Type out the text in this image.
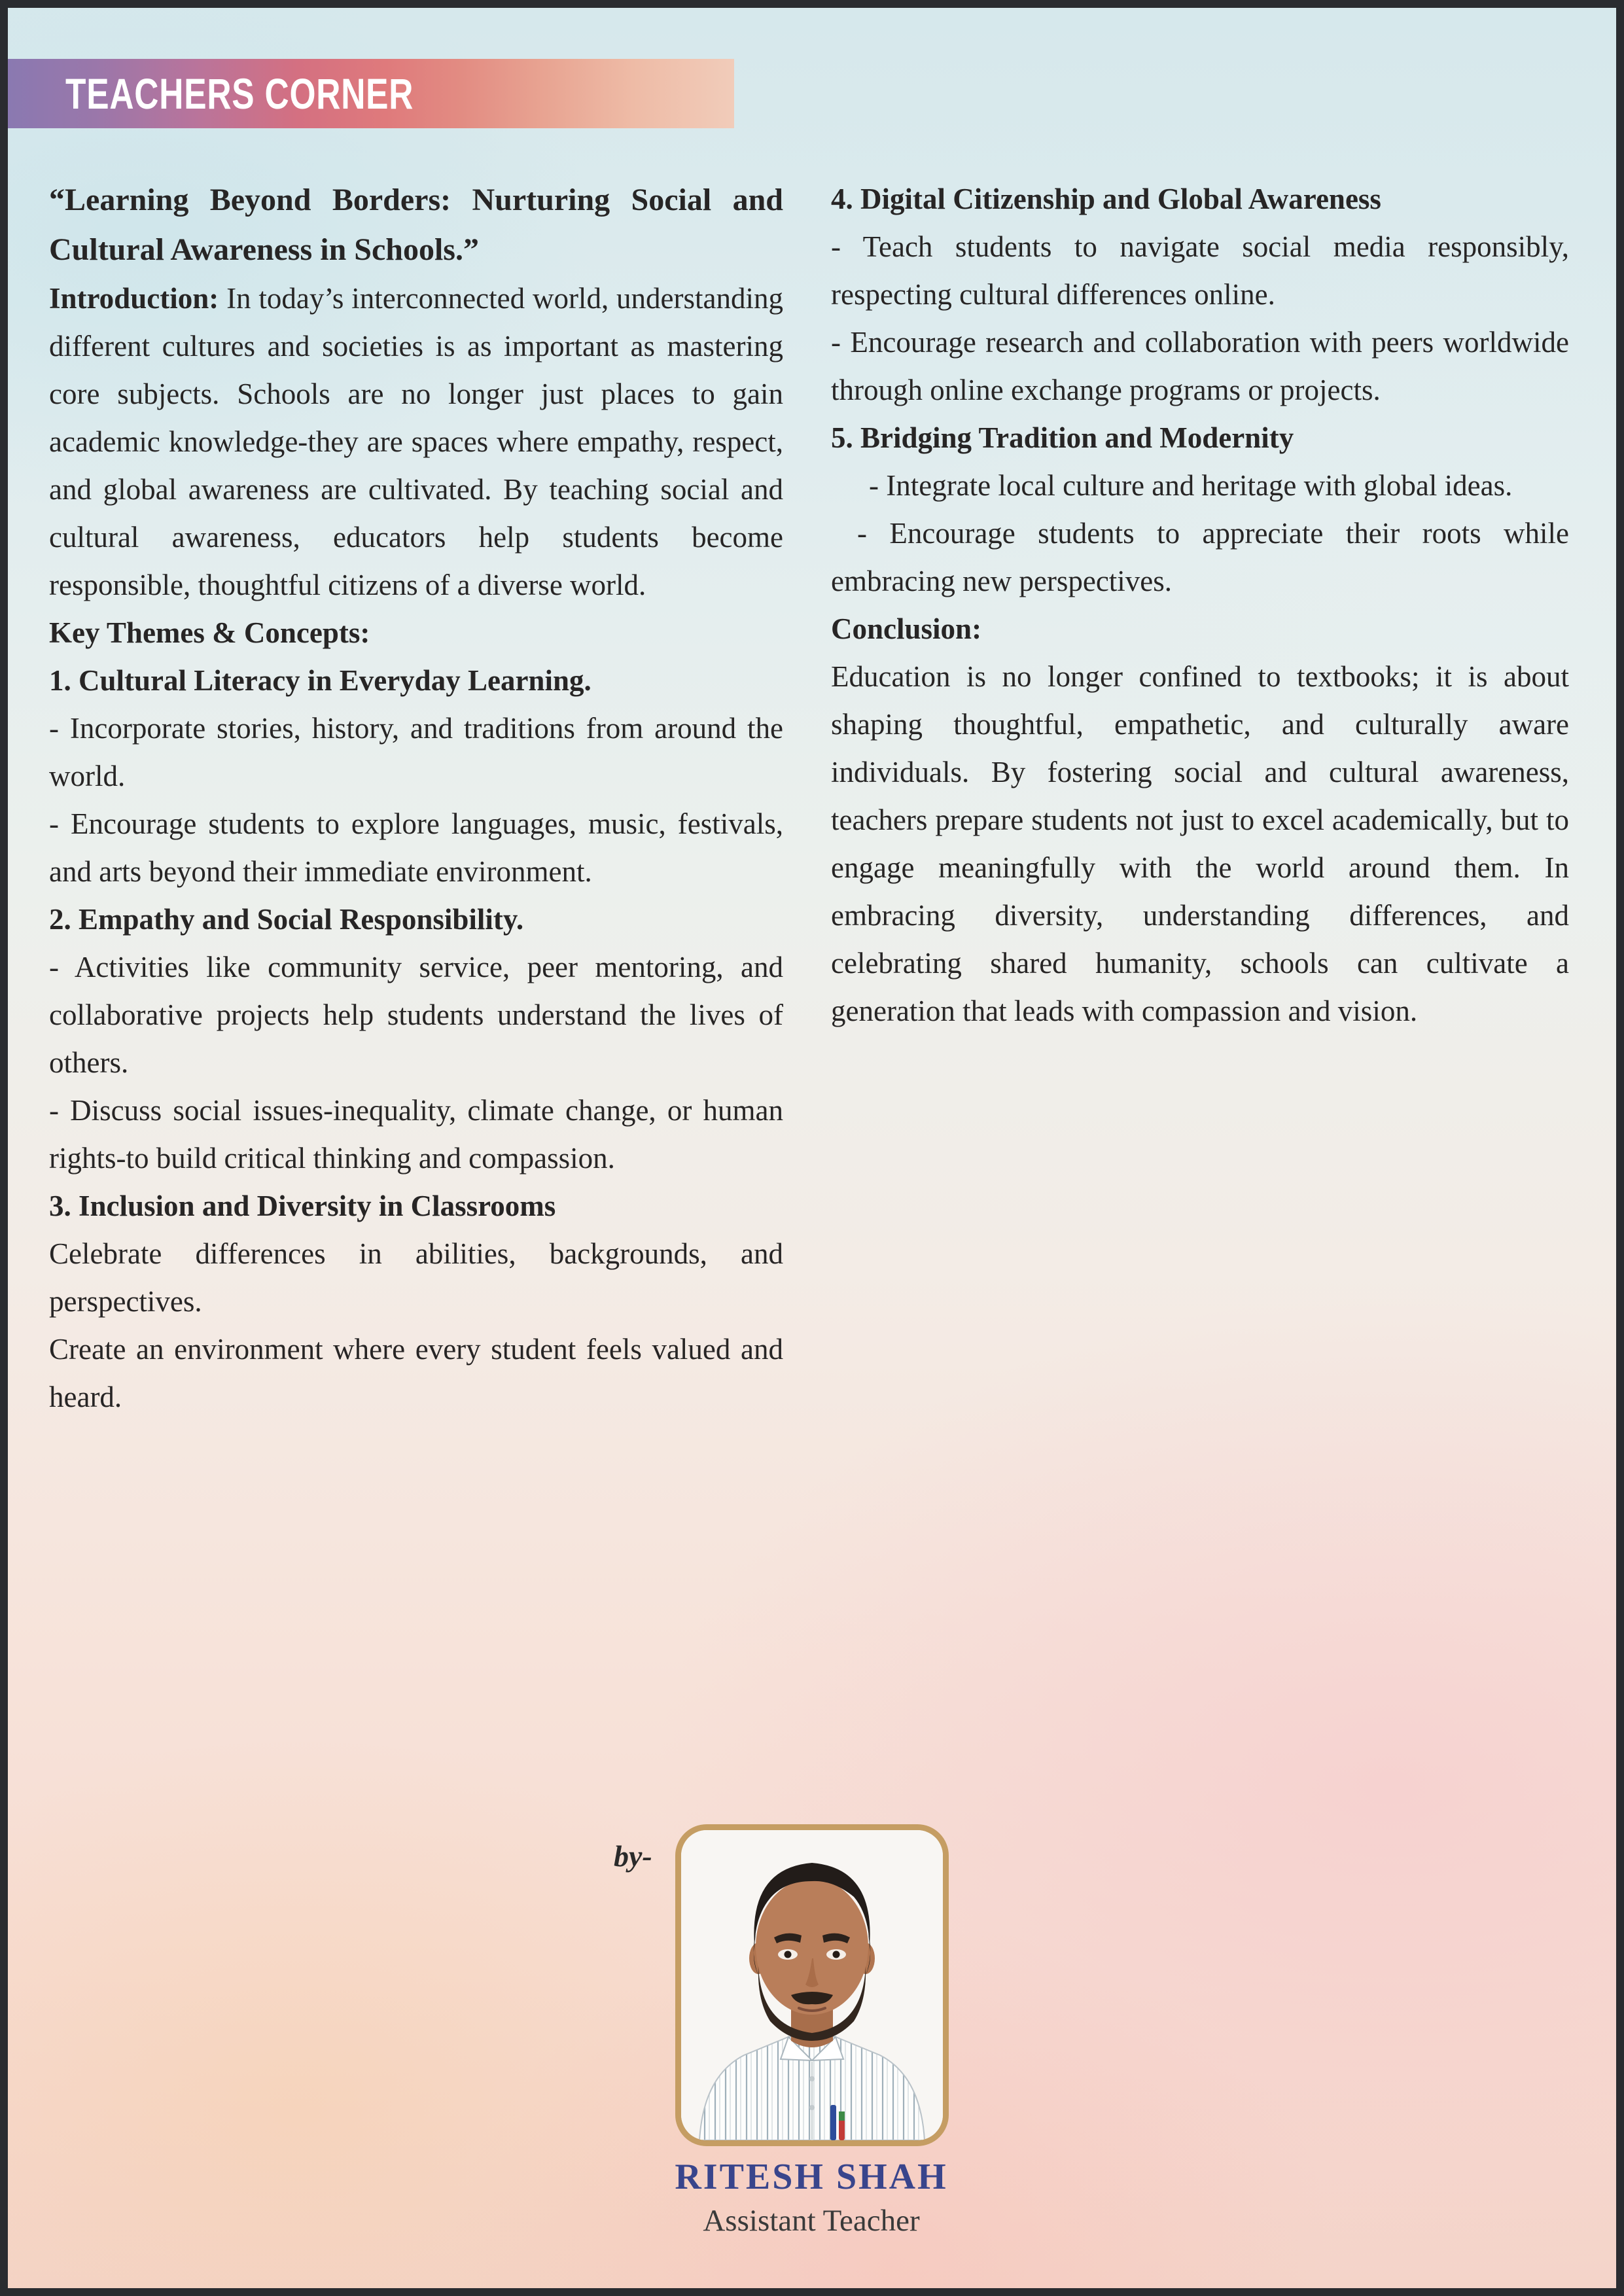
TEACHERS CORNER

“Learning Beyond Borders: Nurturing Social and Cultural Awareness in Schools.”

Introduction: In today’s interconnected world, understanding different cultures and societies is as important as mastering core subjects. Schools are no longer just places to gain academic knowledge-they are spaces where empathy, respect, and global awareness are cultivated. By teaching social and cultural awareness, educators help students become responsible, thoughtful citizens of a diverse world.

Key Themes & Concepts:

1. Cultural Literacy in Everyday Learning.

- Incorporate stories, history, and traditions from around the world.

- Encourage students to explore languages, music, festivals, and arts beyond their immediate environment.

2. Empathy and Social Responsibility.

- Activities like community service, peer mentoring, and collaborative projects help students understand the lives of others.

- Discuss social issues-inequality, climate change, or human rights-to build critical thinking and compassion.

3. Inclusion and Diversity in Classrooms

Celebrate differences in abilities, backgrounds, and perspectives.

Create an environment where every student feels valued and heard.

4. Digital Citizenship and Global Awareness

- Teach students to navigate social media responsibly, respecting cultural differences online.

- Encourage research and collaboration with peers worldwide through online exchange programs or projects.

5. Bridging Tradition and Modernity

- Integrate local culture and heritage with global ideas.

- Encourage students to appreciate their roots while embracing new perspectives.

Conclusion:

Education is no longer confined to textbooks; it is about shaping thoughtful, empathetic, and culturally aware individuals. By fostering social and cultural awareness, teachers prepare students not just to excel academically, but to engage meaningfully with the world around them. In embracing diversity, understanding differences, and celebrating shared humanity, schools can cultivate a generation that leads with compassion and vision.

by-

RITESH SHAH

Assistant Teacher
